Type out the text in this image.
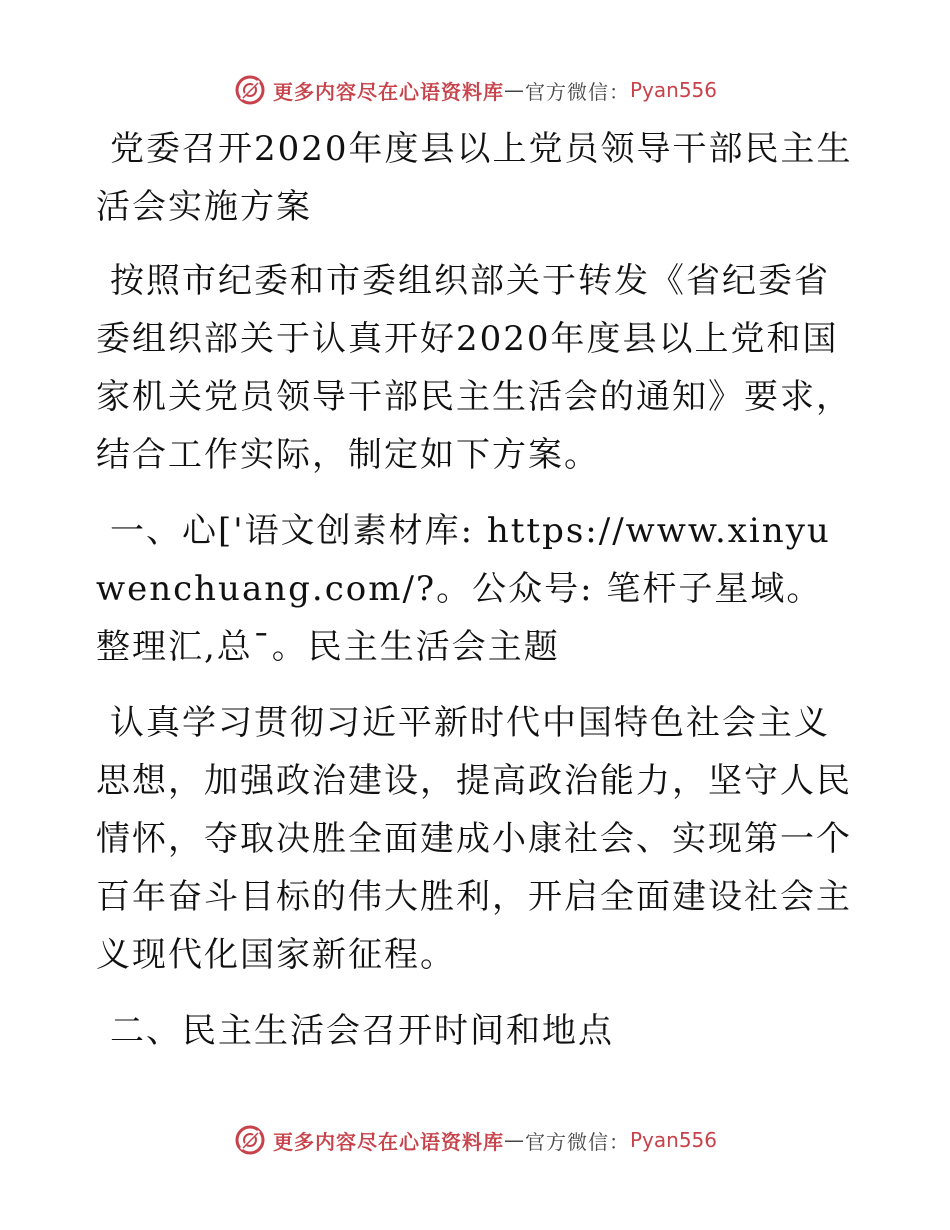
更多内容尽在心语资料库 — 官方微信： Pyan556

党委召开2020年度县以上党员领导干部民主生活会实施方案

按照市纪委和市委组织部关于转发《省纪委省委组织部关于认真开好2020年度县以上党和国家机关党员领导干部民主生活会的通知》要求，结合工作实际，制定如下方案。

一、心['语文创素材库: https://www.xinyuwenchuang.com/?。公众号: 笔杆子星域。整理汇,总¯。民主生活会主题

认真学习贯彻习近平新时代中国特色社会主义思想，加强政治建设，提高政治能力，坚守人民情怀，夺取决胜全面建成小康社会、实现第一个百年奋斗目标的伟大胜利，开启全面建设社会主义现代化国家新征程。

二、民主生活会召开时间和地点

更多内容尽在心语资料库 — 官方微信： Pyan556
